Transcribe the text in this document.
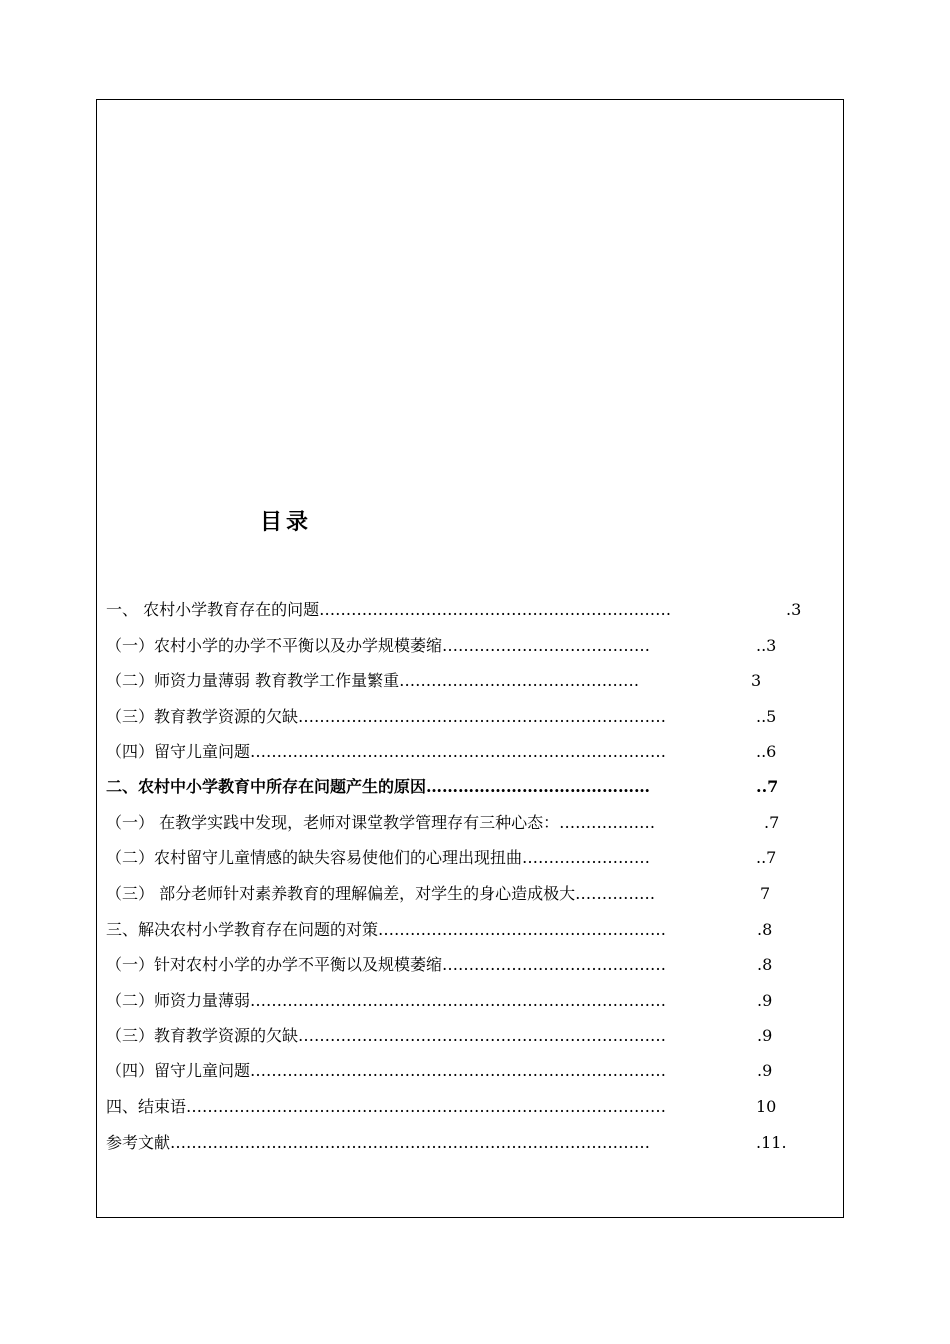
目录
一、 农村小学教育存在的问题…………………………………………………………	.3
（一）农村小学的办学不平衡以及办学规模萎缩…………………………………	..3
（二）师资力量薄弱 教育教学工作量繁重………………………………………	3
（三）教育教学资源的欠缺……………………………………………………………	..5
（四）留守儿童问题……………………………………………………………………	..6
二、农村中小学教育中所存在问题产生的原因……………………………………	..7
（一） 在教学实践中发现，老师对课堂教学管理存有三种心态：………………	.7
（二）农村留守儿童情感的缺失容易使他们的心理出现扭曲……………………	..7
（三） 部分老师针对素养教育的理解偏差，对学生的身心造成极大……………	7
三、解决农村小学教育存在问题的对策………………………………………………	.8
（一）针对农村小学的办学不平衡以及规模萎缩……………………………………	.8
（二）师资力量薄弱……………………………………………………………………	.9
（三）教育教学资源的欠缺……………………………………………………………	.9
（四）留守儿童问题……………………………………………………………………	.9
四、结束语………………………………………………………………………………	10
参考文献………………………………………………………………………………	.11.
